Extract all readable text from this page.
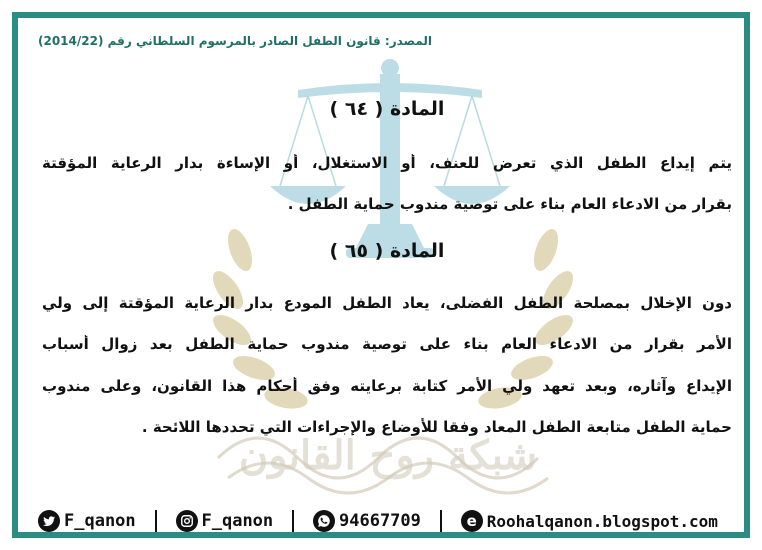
شبكة روح القانون
المصدر: قانون الطفل الصادر بالمرسوم السلطاني رقم (2014/22)
المادة ( ٦٤ )
يتم إيداع الطفل الذي تعرض للعنف، أو الاستغلال، أو الإساءة بدار الرعاية المؤقتة
بقرار من الادعاء العام بناء على توصية مندوب حماية الطفل .
المادة ( ٦٥ )
دون الإخلال بمصلحة الطفل الفضلى، يعاد الطفل المودع بدار الرعاية المؤقتة إلى ولي
الأمر بقرار من الادعاء العام بناء على توصية مندوب حماية الطفل بعد زوال أسباب
الإيداع وآثاره، وبعد تعهد ولي الأمر كتابة برعايته وفق أحكام هذا القانون، وعلى مندوب
حماية الطفل متابعة الطفل المعاد وفقا للأوضاع والإجراءات التي تحددها اللائحة .
F_qanon	F_qanon	94667709	e Roohalqanon.blogspot.com
